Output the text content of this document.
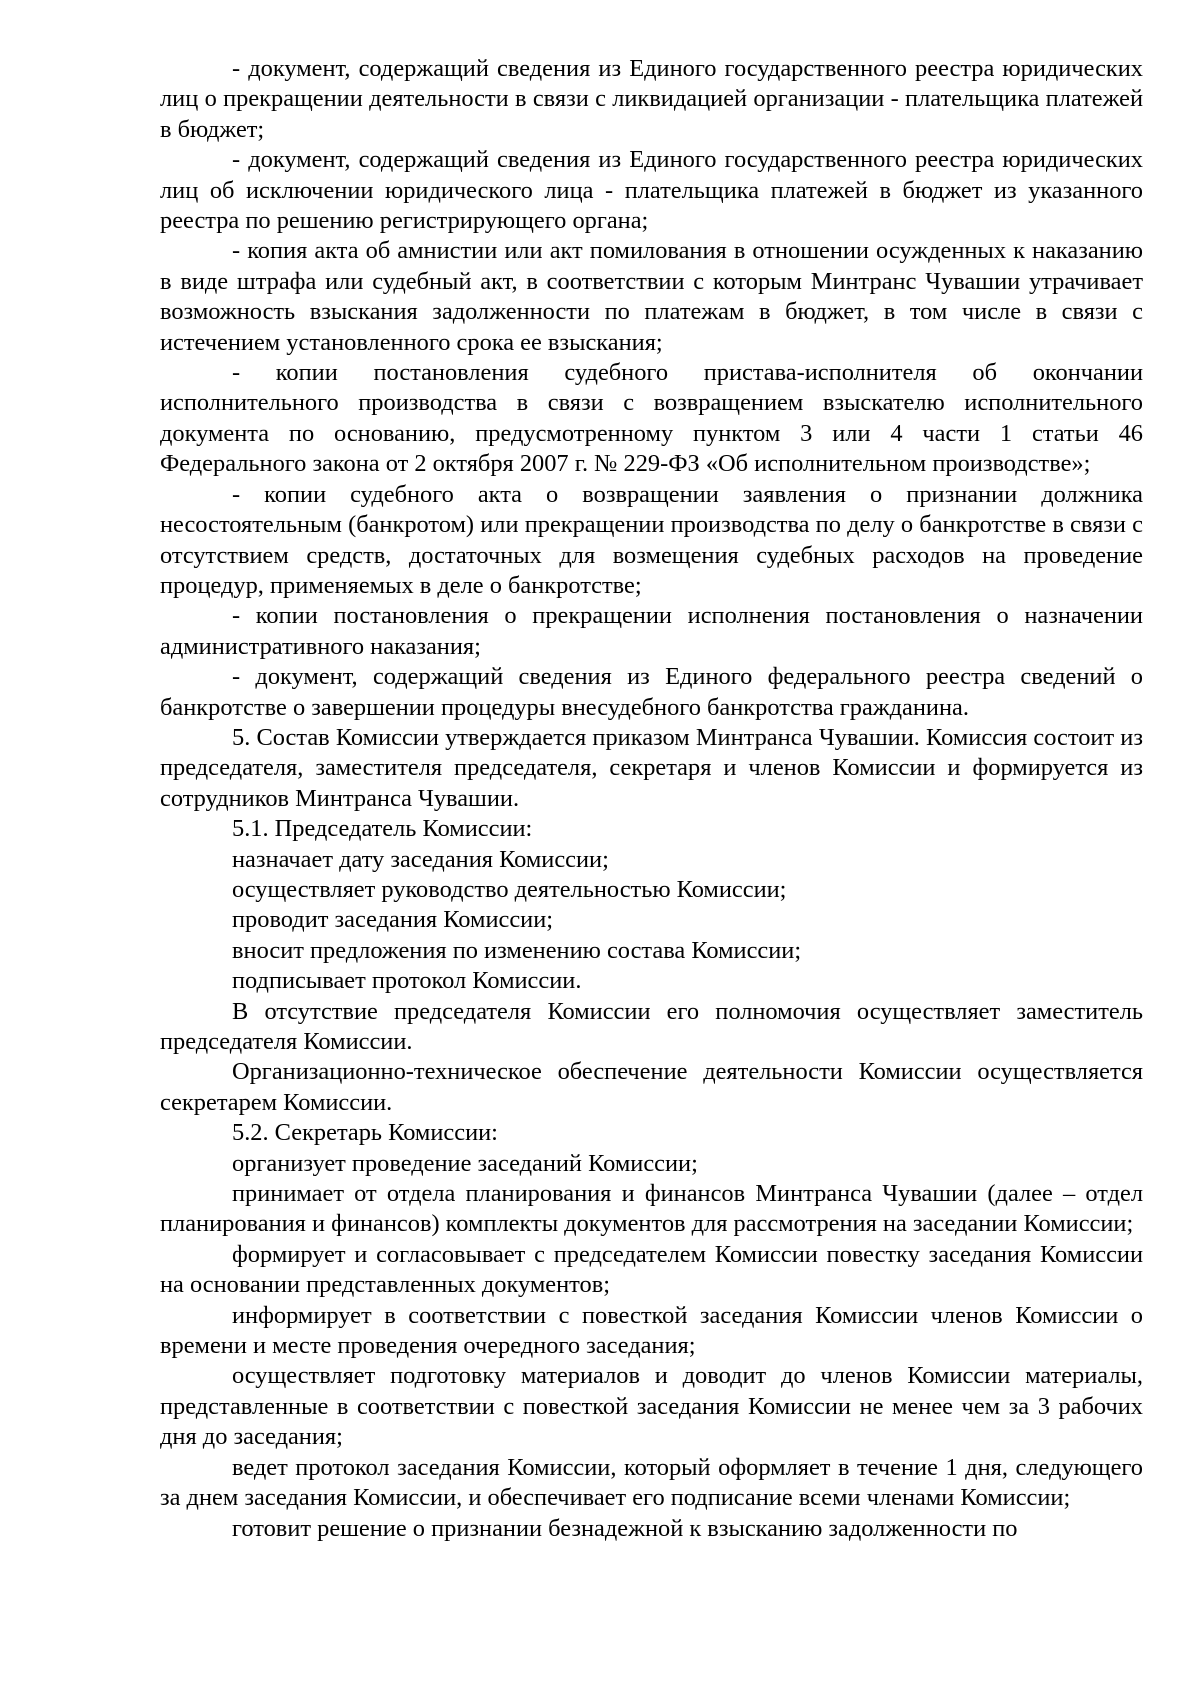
- документ, содержащий сведения из Единого государственного реестра юридических лиц о прекращении деятельности в связи с ликвидацией организации - плательщика платежей в бюджет;

- документ, содержащий сведения из Единого государственного реестра юридических лиц об исключении юридического лица - плательщика платежей в бюджет из указанного реестра по решению регистрирующего органа;

- копия акта об амнистии или акт помилования в отношении осужденных к наказанию в виде штрафа или судебный акт, в соответствии с которым Минтранс Чувашии утрачивает возможность взыскания задолженности по платежам в бюджет, в том числе в связи с истечением установленного срока ее взыскания;

- копии постановления судебного пристава-исполнителя об окончании исполнительного производства в связи с возвращением взыскателю исполнительного документа по основанию, предусмотренному пунктом 3 или 4 части 1 статьи 46 Федерального закона от 2 октября 2007 г. № 229-ФЗ «Об исполнительном производстве»;

- копии судебного акта о возвращении заявления о признании должника несостоятельным (банкротом) или прекращении производства по делу о банкротстве в связи с отсутствием средств, достаточных для возмещения судебных расходов на проведение процедур, применяемых в деле о банкротстве;

- копии постановления о прекращении исполнения постановления о назначении административного наказания;

- документ, содержащий сведения из Единого федерального реестра сведений о банкротстве о завершении процедуры внесудебного банкротства гражданина.

5. Состав Комиссии утверждается приказом Минтранса Чувашии. Комиссия состоит из председателя, заместителя председателя, секретаря и членов Комиссии и формируется из сотрудников Минтранса Чувашии.

5.1. Председатель Комиссии:

назначает дату заседания Комиссии;

осуществляет руководство деятельностью Комиссии;

проводит заседания Комиссии;

вносит предложения по изменению состава Комиссии;

подписывает протокол Комиссии.

В отсутствие председателя Комиссии его полномочия осуществляет заместитель председателя Комиссии.

Организационно-техническое обеспечение деятельности Комиссии осуществляется секретарем Комиссии.

5.2. Секретарь Комиссии:

организует проведение заседаний Комиссии;

принимает от отдела планирования и финансов Минтранса Чувашии (далее – отдел планирования и финансов) комплекты документов для рассмотрения на заседании Комиссии;

формирует и согласовывает с председателем Комиссии повестку заседания Комиссии на основании представленных документов;

информирует в соответствии с повесткой заседания Комиссии членов Комиссии о времени и месте проведения очередного заседания;

осуществляет подготовку материалов и доводит до членов Комиссии материалы, представленные в соответствии с повесткой заседания Комиссии не менее чем за 3 рабочих дня до заседания;

ведет протокол заседания Комиссии, который оформляет в течение 1 дня, следующего за днем заседания Комиссии, и обеспечивает его подписание всеми членами Комиссии;

готовит решение о признании безнадежной к взысканию задолженности по
